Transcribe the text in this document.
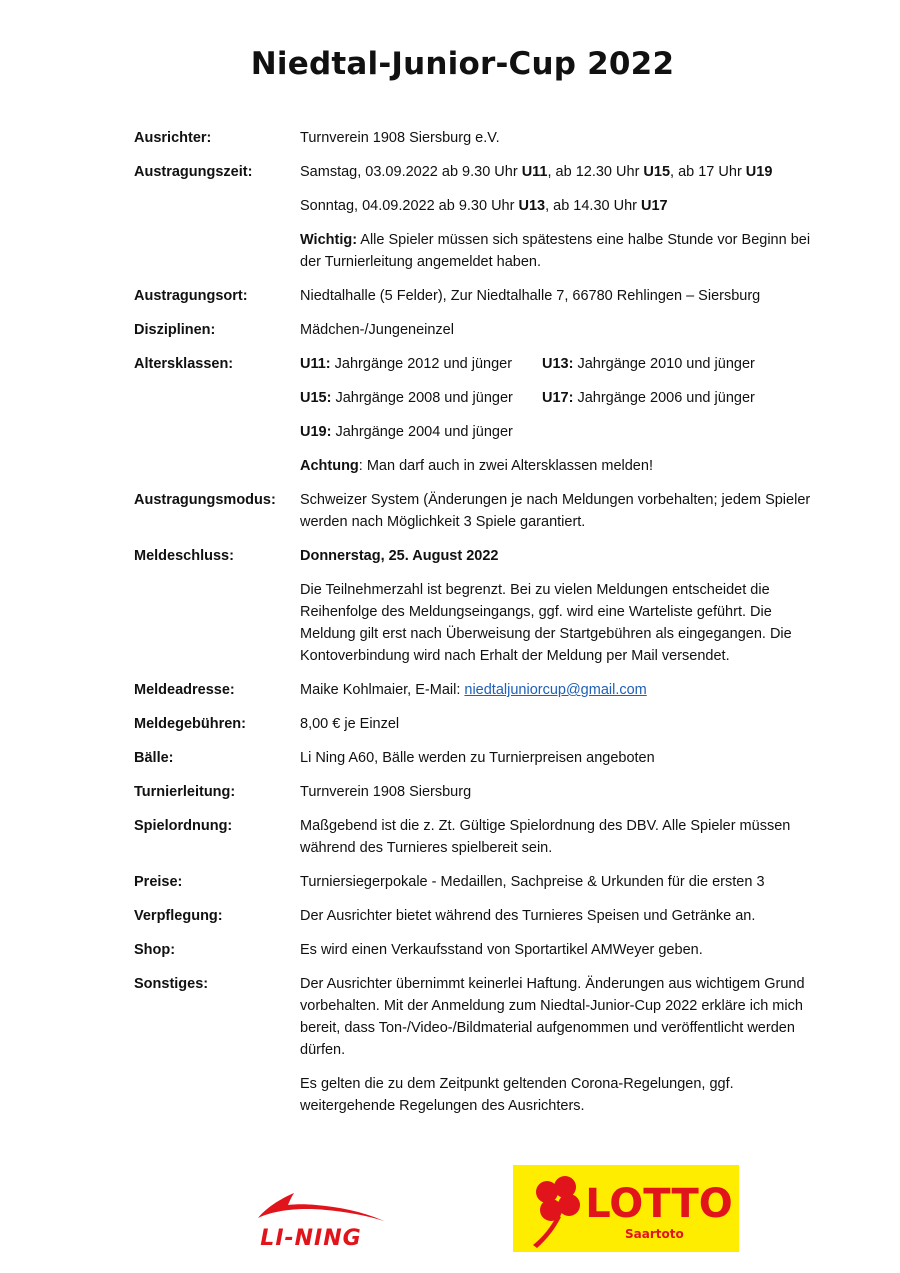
Niedtal-Junior-Cup 2022
Ausrichter:	Turnverein 1908 Siersburg e.V.
Austragungszeit:	Samstag, 03.09.2022 ab 9.30 Uhr U11, ab 12.30 Uhr U15, ab 17 Uhr U19
Sonntag, 04.09.2022 ab 9.30 Uhr U13, ab 14.30 Uhr U17
Wichtig: Alle Spieler müssen sich spätestens eine halbe Stunde vor Beginn bei der Turnierleitung angemeldet haben.
Austragungsort:	Niedtalhalle (5 Felder), Zur Niedtalhalle 7, 66780 Rehlingen – Siersburg
Disziplinen:	Mädchen-/Jungeneinzel
Altersklassen:	U11: Jahrgänge 2012 und jünger	U13: Jahrgänge 2010 und jünger
U15: Jahrgänge 2008 und jünger	U17: Jahrgänge 2006 und jünger
U19: Jahrgänge 2004 und jünger
Achtung: Man darf auch in zwei Altersklassen melden!
Austragungsmodus:	Schweizer System (Änderungen je nach Meldungen vorbehalten; jedem Spieler werden nach Möglichkeit 3 Spiele garantiert.
Meldeschluss:	Donnerstag, 25. August 2022
Die Teilnehmerzahl ist begrenzt. Bei zu vielen Meldungen entscheidet die Reihenfolge des Meldungseingangs, ggf. wird eine Warteliste geführt. Die Meldung gilt erst nach Überweisung der Startgebühren als eingegangen. Die Kontoverbindung wird nach Erhalt der Meldung per Mail versendet.
Meldeadresse:	Maike Kohlmaier, E-Mail: niedtaljuniorcup@gmail.com
Meldegebühren:	8,00 € je Einzel
Bälle:	Li Ning A60, Bälle werden zu Turnierpreisen angeboten
Turnierleitung:	Turnverein 1908 Siersburg
Spielordnung:	Maßgebend ist die z. Zt. Gültige Spielordnung des DBV. Alle Spieler müssen während des Turnieres spielbereit sein.
Preise:	Turniersiegerpokale - Medaillen, Sachpreise & Urkunden für die ersten 3
Verpflegung:	Der Ausrichter bietet während des Turnieres Speisen und Getränke an.
Shop:	Es wird einen Verkaufsstand von Sportartikel AMWeyer geben.
Sonstiges:	Der Ausrichter übernimmt keinerlei Haftung. Änderungen aus wichtigem Grund vorbehalten. Mit der Anmeldung zum Niedtal-Junior-Cup 2022 erkläre ich mich bereit, dass Ton-/Video-/Bildmaterial aufgenommen und veröffentlicht werden dürfen.
Es gelten die zu dem Zeitpunkt geltenden Corona-Regelungen, ggf. weitergehende Regelungen des Ausrichters.
LI-NING
LOTTO
Saartoto
